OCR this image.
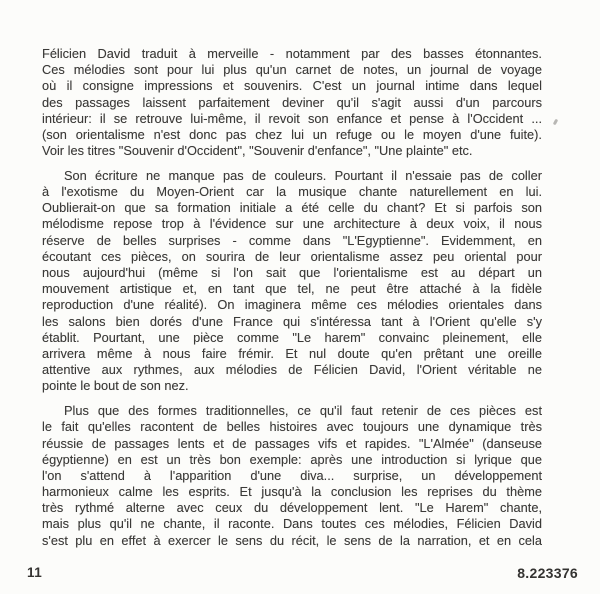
Félicien David traduit à merveille - notamment par des basses étonnantes.
Ces mélodies sont pour lui plus qu'un carnet de notes, un journal de voyage
où il consigne impressions et souvenirs. C'est un journal intime dans lequel
des passages laissent parfaitement deviner qu'il s'agit aussi d'un parcours
intérieur: il se retrouve lui-même, il revoit son enfance et pense à l'Occident ...
(son orientalisme n'est donc pas chez lui un refuge ou le moyen d'une fuite).
Voir les titres "Souvenir d'Occident", "Souvenir d'enfance", "Une plainte" etc.
Son écriture ne manque pas de couleurs. Pourtant il n'essaie pas de coller
à l'exotisme du Moyen-Orient car la musique chante naturellement en lui.
Oublierait-on que sa formation initiale a été celle du chant? Et si parfois son
mélodisme repose trop à l'évidence sur une architecture à deux voix, il nous
réserve de belles surprises - comme dans "L'Egyptienne". Evidemment, en
écoutant ces pièces, on sourira de leur orientalisme assez peu oriental pour
nous aujourd'hui (même si l'on sait que l'orientalisme est au départ un
mouvement artistique et, en tant que tel, ne peut être attaché à la fidèle
reproduction d'une réalité). On imaginera même ces mélodies orientales dans
les salons bien dorés d'une France qui s'intéressa tant à l'Orient qu'elle s'y
établit. Pourtant, une pièce comme "Le harem" convainc pleinement, elle
arrivera même à nous faire frémir. Et nul doute qu'en prêtant une oreille
attentive aux rythmes, aux mélodies de Félicien David, l'Orient véritable ne
pointe le bout de son nez.
Plus que des formes traditionnelles, ce qu'il faut retenir de ces pièces est
le fait qu'elles racontent de belles histoires avec toujours une dynamique très
réussie de passages lents et de passages vifs et rapides. "L'Almée" (danseuse
égyptienne) en est un très bon exemple: après une introduction si lyrique que
l'on s'attend à l'apparition d'une diva... surprise, un développement
harmonieux calme les esprits. Et jusqu'à la conclusion les reprises du thème
très rythmé alterne avec ceux du développement lent. "Le Harem" chante,
mais plus qu'il ne chante, il raconte. Dans toutes ces mélodies, Félicien David
s'est plu en effet à exercer le sens du récit, le sens de la narration, et en cela
11	8.223376
